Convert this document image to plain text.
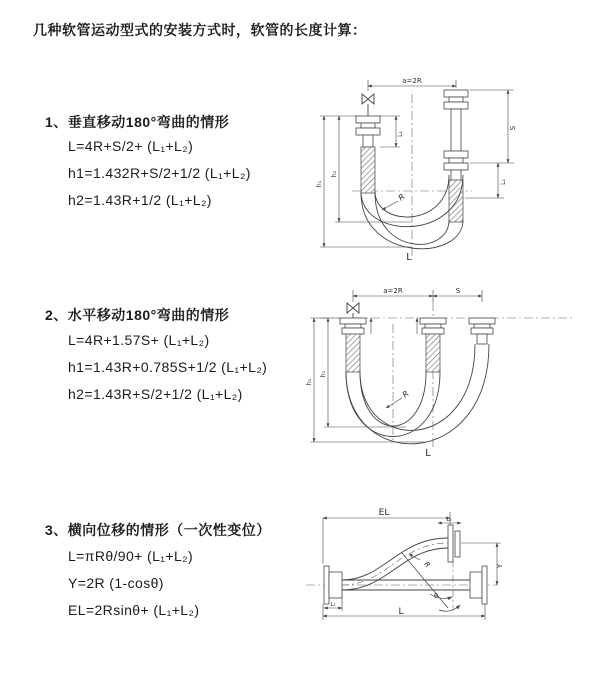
几种软管运动型式的安装方式时，软管的长度计算：
1、垂直移动180°弯曲的情形
L=4R+S/2+ (L₁+L₂)
h1=1.432R+S/2+1/2 (L₁+L₂)
h2=1.43R+1/2 (L₁+L₂)
a=2R
L₁
S
L₂
h₁
h₂
R
L
2、水平移动180°弯曲的情形
L=4R+1.57S+ (L₁+L₂)
h1=1.43R+0.785S+1/2 (L₁+L₂)
h2=1.43R+S/2+1/2 (L₁+L₂)
a=2R	S
h₁
h₂
R
L
3、横向位移的情形（一次性变位）
L=πRθ/90+ (L₁+L₂)
Y=2R (1-cosθ)
EL=2Rsinθ+ (L₁+L₂)
EL
L₂
Y
R
θ
L
L₁
